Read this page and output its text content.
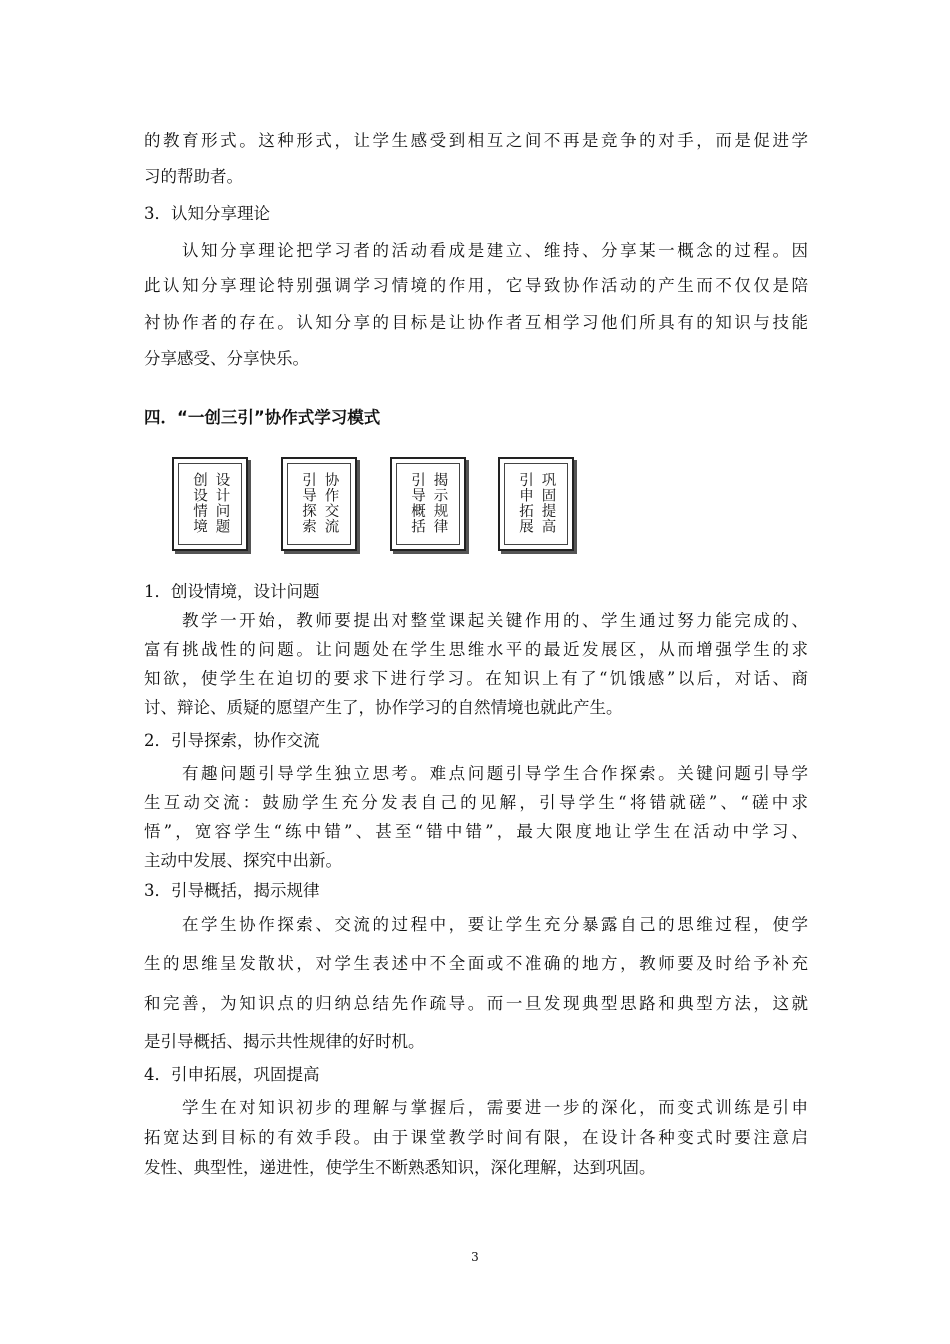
的教育形式。这种形式，让学生感受到相互之间不再是竞争的对手，而是促进学
习的帮助者。
3．认知分享理论
认知分享理论把学习者的活动看成是建立、维持、分享某一概念的过程。因
此认知分享理论特别强调学习情境的作用，它导致协作活动的产生而不仅仅是陪
衬协作者的存在。认知分享的目标是让协作者互相学习他们所具有的知识与技能
分享感受、分享快乐。
四．“一创三引”协作式学习模式
设计问题
创设情境	协作交流
引导探索	揭示规律
引导概括	巩固提高
引申拓展
1．创设情境，设计问题
教学一开始，教师要提出对整堂课起关键作用的、学生通过努力能完成的、
富有挑战性的问题。让问题处在学生思维水平的最近发展区，从而增强学生的求
知欲，使学生在迫切的要求下进行学习。在知识上有了“饥饿感”以后，对话、商
讨、辩论、质疑的愿望产生了，协作学习的自然情境也就此产生。
2．引导探索，协作交流
有趣问题引导学生独立思考。难点问题引导学生合作探索。关键问题引导学
生互动交流：鼓励学生充分发表自己的见解，引导学生“将错就磋”、“磋中求
悟”，宽容学生“练中错”、甚至“错中错”，最大限度地让学生在活动中学习、
主动中发展、探究中出新。
3．引导概括，揭示规律
在学生协作探索、交流的过程中，要让学生充分暴露自己的思维过程，使学
生的思维呈发散状，对学生表述中不全面或不准确的地方，教师要及时给予补充
和完善，为知识点的归纳总结先作疏导。而一旦发现典型思路和典型方法，这就
是引导概括、揭示共性规律的好时机。
4．引申拓展，巩固提高
学生在对知识初步的理解与掌握后，需要进一步的深化，而变式训练是引申
拓宽达到目标的有效手段。由于课堂教学时间有限，在设计各种变式时要注意启
发性、典型性，递进性，使学生不断熟悉知识，深化理解，达到巩固。
3
